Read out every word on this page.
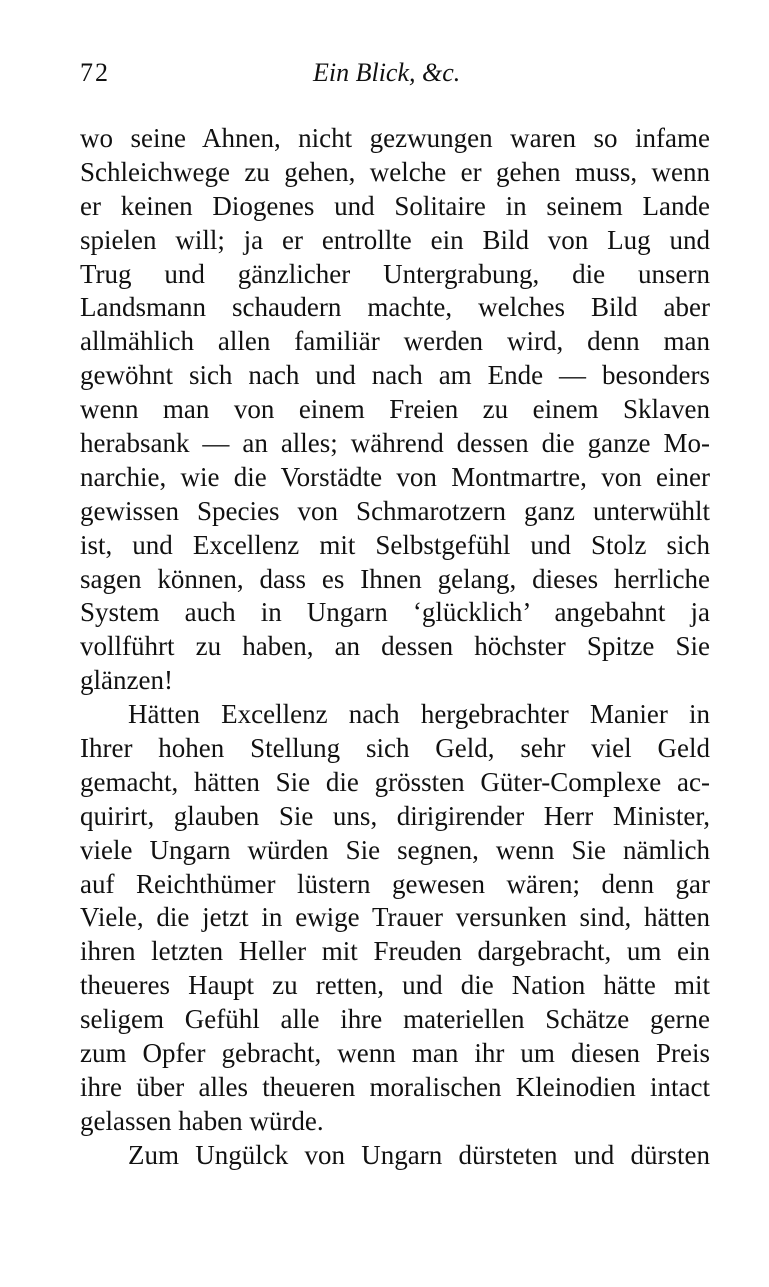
72	Ein Blick, &c.
wo seine Ahnen, nicht gezwungen waren so infame
Schleichwege zu gehen, welche er gehen muss, wenn
er keinen Diogenes und Solitaire in seinem Lande
spielen will; ja er entrollte ein Bild von Lug und
Trug und gänzlicher Untergrabung, die unsern
Landsmann schaudern machte, welches Bild aber
allmählich allen familiär werden wird, denn man
gewöhnt sich nach und nach am Ende — besonders
wenn man von einem Freien zu einem Sklaven
herabsank — an alles; während dessen die ganze Mo-
narchie, wie die Vorstädte von Montmartre, von einer
gewissen Species von Schmarotzern ganz unterwühlt
ist, und Excellenz mit Selbstgefühl und Stolz sich
sagen können, dass es Ihnen gelang, dieses herrliche
System auch in Ungarn ‘glücklich’ angebahnt ja
vollführt zu haben, an dessen höchster Spitze Sie
glänzen!
Hätten Excellenz nach hergebrachter Manier in
Ihrer hohen Stellung sich Geld, sehr viel Geld
gemacht, hätten Sie die grössten Güter-Complexe ac-
quirirt, glauben Sie uns, dirigirender Herr Minister,
viele Ungarn würden Sie segnen, wenn Sie nämlich
auf Reichthümer lüstern gewesen wären; denn gar
Viele, die jetzt in ewige Trauer versunken sind, hätten
ihren letzten Heller mit Freuden dargebracht, um ein
theueres Haupt zu retten, und die Nation hätte mit
seligem Gefühl alle ihre materiellen Schätze gerne
zum Opfer gebracht, wenn man ihr um diesen Preis
ihre über alles theueren moralischen Kleinodien intact
gelassen haben würde.
Zum Ungülck von Ungarn dürsteten und dürsten
